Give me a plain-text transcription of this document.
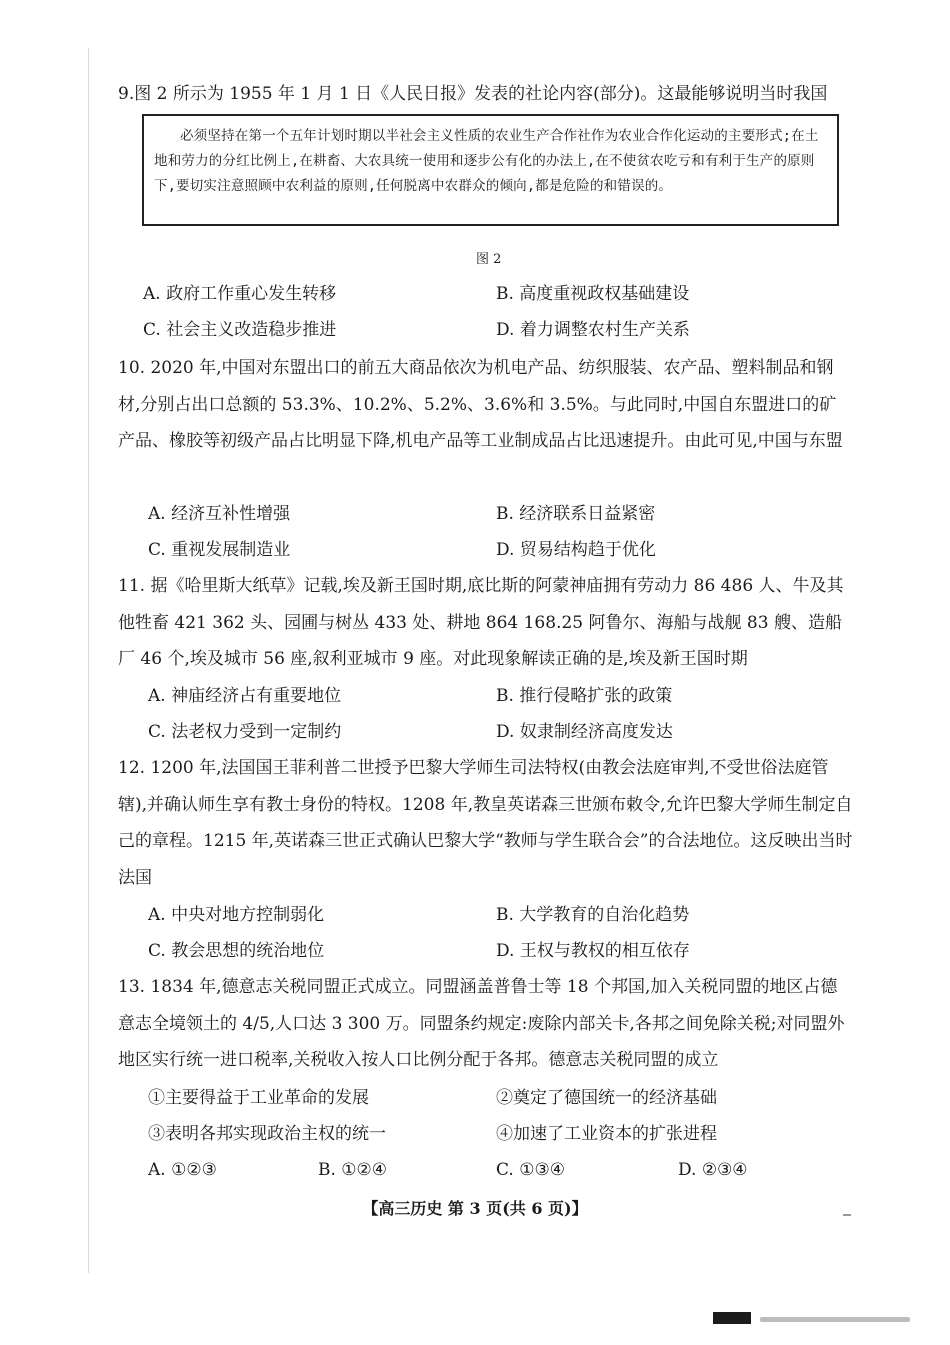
9.图 2 所示为 1955 年 1 月 1 日《人民日报》发表的社论内容(部分)。这最能够说明当时我国
必须坚持在第一个五年计划时期以半社会主义性质的农业生产合作社作为农业合作化运动的主要形式;在土地和劳力的分红比例上,在耕畜、大农具统一使用和逐步公有化的办法上,在不使贫农吃亏和有利于生产的原则下,要切实注意照顾中农利益的原则,任何脱离中农群众的倾向,都是危险的和错误的。
图 2
A. 政府工作重心发生转移	B. 高度重视政权基础建设
C. 社会主义改造稳步推进	D. 着力调整农村生产关系
10. 2020 年,中国对东盟出口的前五大商品依次为机电产品、纺织服装、农产品、塑料制品和钢材,分别占出口总额的 53.3%、10.2%、5.2%、3.6%和 3.5%。与此同时,中国自东盟进口的矿产品、橡胶等初级产品占比明显下降,机电产品等工业制成品占比迅速提升。由此可见,中国与东盟
A. 经济互补性增强	B. 经济联系日益紧密
C. 重视发展制造业	D. 贸易结构趋于优化
11. 据《哈里斯大纸草》记载,埃及新王国时期,底比斯的阿蒙神庙拥有劳动力 86 486 人、牛及其他牲畜 421 362 头、园圃与树丛 433 处、耕地 864 168.25 阿鲁尔、海船与战舰 83 艘、造船厂 46 个,埃及城市 56 座,叙利亚城市 9 座。对此现象解读正确的是,埃及新王国时期
A. 神庙经济占有重要地位	B. 推行侵略扩张的政策
C. 法老权力受到一定制约	D. 奴隶制经济高度发达
12. 1200 年,法国国王菲利普二世授予巴黎大学师生司法特权(由教会法庭审判,不受世俗法庭管辖),并确认师生享有教士身份的特权。1208 年,教皇英诺森三世颁布敕令,允许巴黎大学师生制定自己的章程。1215 年,英诺森三世正式确认巴黎大学“教师与学生联合会”的合法地位。这反映出当时法国
A. 中央对地方控制弱化	B. 大学教育的自治化趋势
C. 教会思想的统治地位	D. 王权与教权的相互依存
13. 1834 年,德意志关税同盟正式成立。同盟涵盖普鲁士等 18 个邦国,加入关税同盟的地区占德意志全境领土的 4/5,人口达 3 300 万。同盟条约规定:废除内部关卡,各邦之间免除关税;对同盟外地区实行统一进口税率,关税收入按人口比例分配于各邦。德意志关税同盟的成立
①主要得益于工业革命的发展	②奠定了德国统一的经济基础
③表明各邦实现政治主权的统一	④加速了工业资本的扩张进程
A. ①②③	B. ①②④	C. ①③④	D. ②③④
【高三历史 第 3 页(共 6 页)】
